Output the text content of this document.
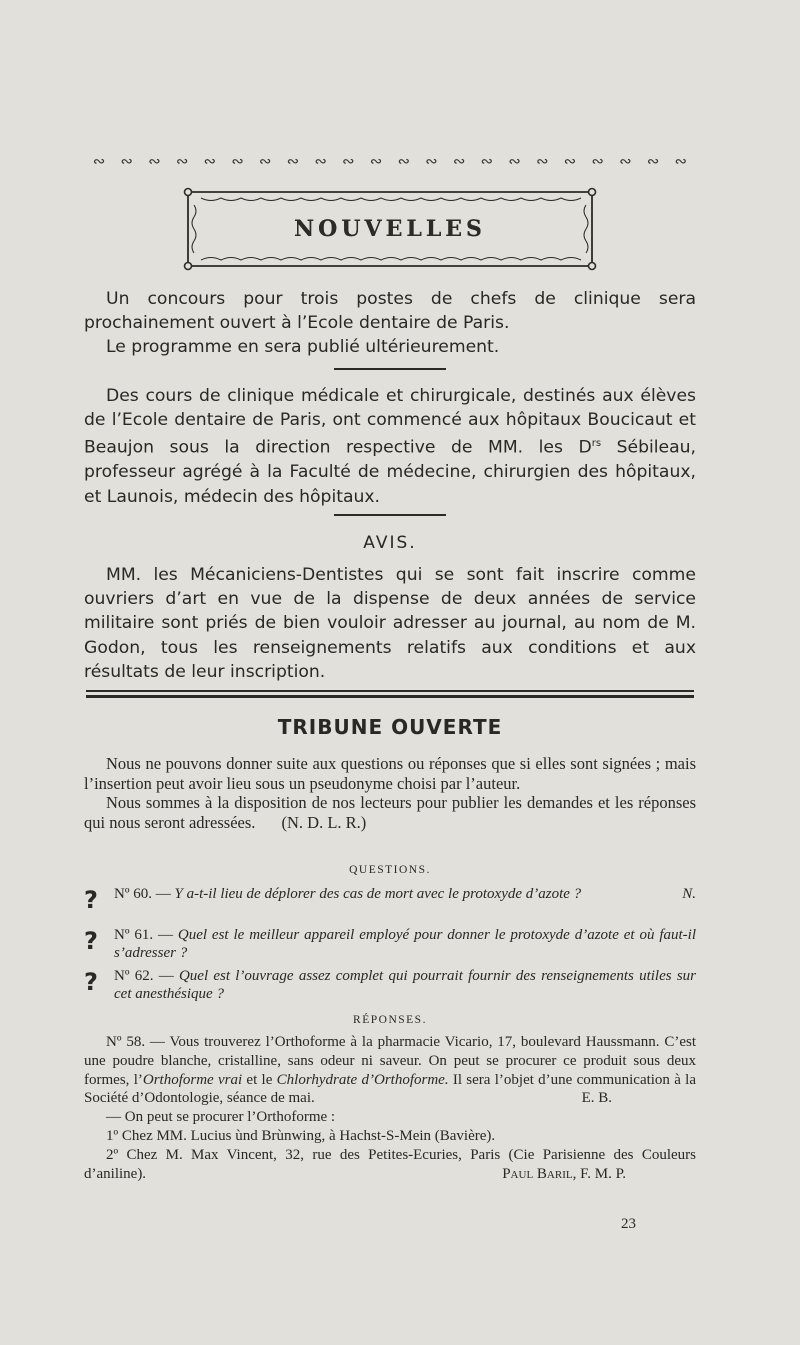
∾	∾	∾	∾	∾	∾	∾	∾	∾	∾	∾	∾	∾	∾	∾	∾	∾	∾	∾	∾	∾	∾
NOUVELLES

Un concours pour trois postes de chefs de clinique sera prochainement ouvert à l’Ecole dentaire de Paris.

Le programme en sera publié ultérieurement.

Des cours de clinique médicale et chirurgicale, destinés aux élèves de l’Ecole dentaire de Paris, ont commencé aux hôpitaux Boucicaut et Beaujon sous la direction respective de MM. les $D^{rs}$ Sébileau, professeur agrégé à la Faculté de médecine, chirurgien des hôpitaux, et Launois, médecin des hôpitaux.

AVIS.

MM. les Mécaniciens-Dentistes qui se sont fait inscrire comme ouvriers d’art en vue de la dispense de deux années de service militaire sont priés de bien vouloir adresser au journal, au nom de M. Godon, tous les renseignements relatifs aux conditions et aux résultats de leur inscription.

TRIBUNE OUVERTE

Nous ne pouvons donner suite aux questions ou réponses que si elles sont signées ; mais l’insertion peut avoir lieu sous un pseudonyme choisi par l’auteur.

Nous sommes à la disposition de nos lecteurs pour publier les demandes et les réponses qui nous seront adressées. (N. D. L. R.)

QUESTIONS.
? Nº 60. — Y a-t-il lieu de déplorer des cas de mort avec le protoxyde d’azote ?	N.
? Nº 61. — Quel est le meilleur appareil employé pour donner le protoxyde d’azote et où faut-il s’adresser ?
? Nº 62. — Quel est l’ouvrage assez complet qui pourrait fournir des renseignements utiles sur cet anesthésique ?
RÉPONSES.

Nº 58. — Vous trouverez l’Orthoforme à la pharmacie Vicario, 17, boulevard Haussmann. C’est une poudre blanche, cristalline, sans odeur ni saveur. On peut se procurer ce produit sous deux formes, l’Orthoforme vrai et le Chlorhydrate d’Orthoforme. Il sera l’objet d’une communication à la Société d’Odontologie, séance de mai.	E. B.

— On peut se procurer l’Orthoforme :

1º Chez MM. Lucius ùnd Brùnwing, à Hachst-S-Mein (Bavière).

2º Chez M. Max Vincent, 32, rue des Petites-Ecuries, Paris (Cie Parisienne des Couleurs d’aniline).	Paul Baril, F. M. P.

23
